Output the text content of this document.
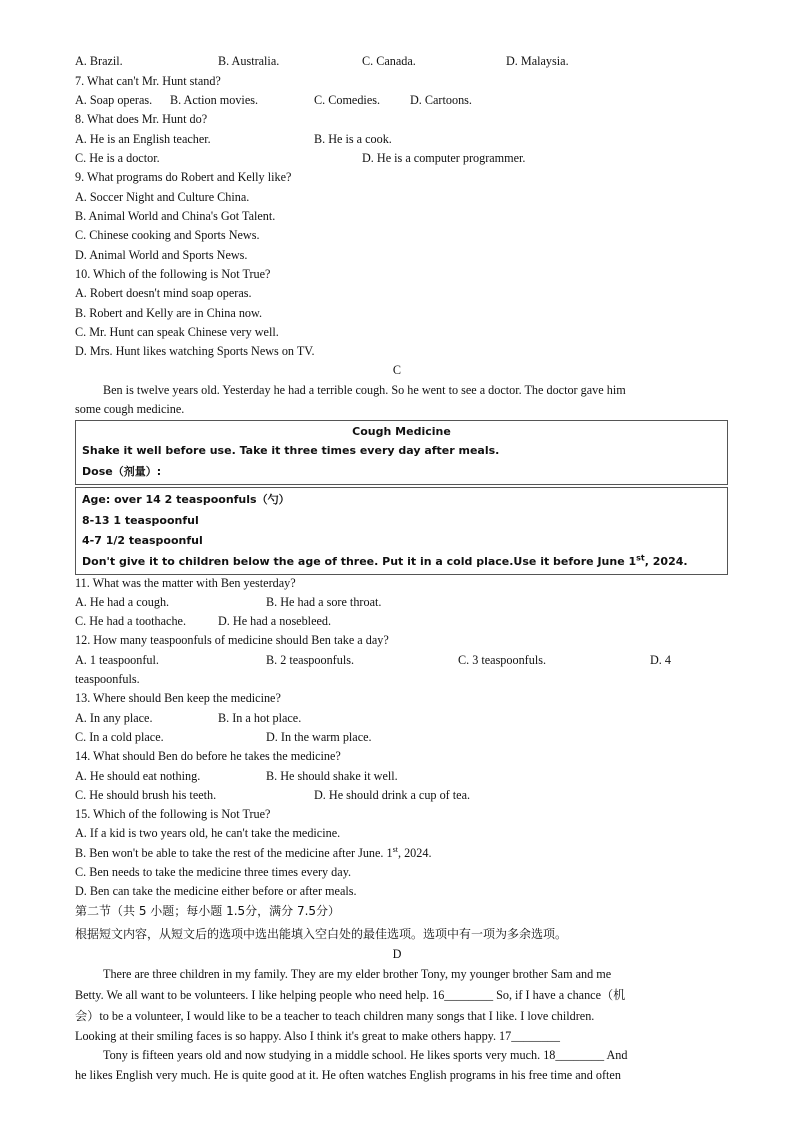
A. Brazil.	B. Australia.	C. Canada.	D. Malaysia.
7. What can't Mr. Hunt stand?
A. Soap operas. B. Action movies.	C. Comedies. D. Cartoons.
8. What does Mr. Hunt do?
A. He is an English teacher.	B. He is a cook.
C. He is a doctor.	D. He is a computer programmer.
9. What programs do Robert and Kelly like?
A. Soccer Night and Culture China.
B. Animal World and China's Got Talent.
C. Chinese cooking and Sports News.
D. Animal World and Sports News.
10. Which of the following is Not True?
A. Robert doesn't mind soap operas.
B. Robert and Kelly are in China now.
C. Mr. Hunt can speak Chinese very well.
D. Mrs. Hunt likes watching Sports News on TV.
C
Ben is twelve years old. Yesterday he had a terrible cough. So he went to see a doctor. The doctor gave him
some cough medicine.
Cough Medicine
Shake it well before use. Take it three times every day after meals.
Dose（剂量）:
Age: over 14 2 teaspoonfuls（勺）
8-13 1 teaspoonful
4-7 1/2 teaspoonful
Don't give it to children below the age of three. Put it in a cold place.Use it before June 1st, 2024.
11. What was the matter with Ben yesterday?
A. He had a cough.	B. He had a sore throat.
C. He had a toothache.	D. He had a nosebleed.
12. How many teaspoonfuls of medicine should Ben take a day?
A. 1 teaspoonful.	B. 2 teaspoonfuls.	C. 3 teaspoonfuls.	D. 4
teaspoonfuls.
13. Where should Ben keep the medicine?
A. In any place.	B. In a hot place.
C. In a cold place.	D. In the warm place.
14. What should Ben do before he takes the medicine?
A. He should eat nothing.	B. He should shake it well.
C. He should brush his teeth.	D. He should drink a cup of tea.
15. Which of the following is Not True?
A. If a kid is two years old, he can't take the medicine.
B. Ben won't be able to take the rest of the medicine after June. 1st, 2024.
C. Ben needs to take the medicine three times every day.
D. Ben can take the medicine either before or after meals.
第二节（共 5 小题；每小题 1.5分，满分 7.5分）
根据短文内容，从短文后的选项中选出能填入空白处的最佳选项。选项中有一项为多余选项。
D
There are three children in my family. They are my elder brother Tony, my younger brother Sam and me
Betty. We all want to be volunteers. I like helping people who need help. 16________ So, if I have a chance（机
会）to be a volunteer, I would like to be a teacher to teach children many songs that I like. I love children.
Looking at their smiling faces is so happy. Also I think it's great to make others happy. 17________
Tony is fifteen years old and now studying in a middle school. He likes sports very much. 18________ And
he likes English very much. He is quite good at it. He often watches English programs in his free time and often
